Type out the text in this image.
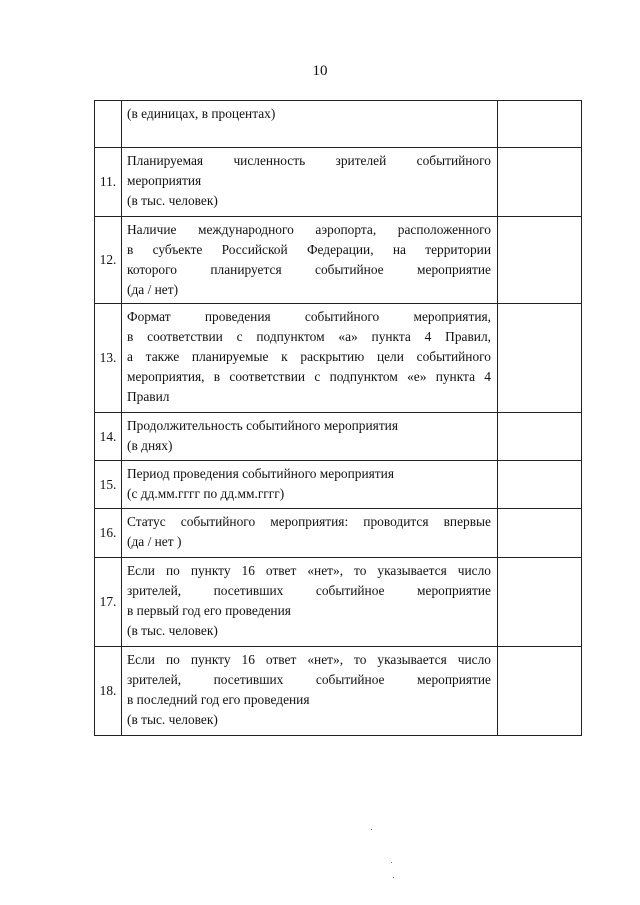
10

	(в единицах, в процентах)	

11.	Планируемая численность зрителей событийного
мероприятия
(в тыс. человек)	

12.	Наличие международного аэропорта, расположенного
в субъекте Российской Федерации, на территории
которого планируется событийное мероприятие
(да / нет)	

13.	Формат проведения событийного мероприятия,
в соответствии с подпунктом «а» пункта 4 Правил,
а также планируемые к раскрытию цели событийного
мероприятия, в соответствии с подпунктом «е» пункта 4
Правил	

14.	Продолжительность событийного мероприятия
(в днях)	

15.	Период проведения событийного мероприятия
(с дд.мм.гггг по дд.мм.гггг)	

16.	Статус событийного мероприятия: проводится впервые
(да / нет )	

17.	Если по пункту 16 ответ «нет», то указывается число
зрителей, посетивших событийное мероприятие
в первый год его проведения
(в тыс. человек)	

18.	Если по пункту 16 ответ «нет», то указывается число
зрителей, посетивших событийное мероприятие
в последний год его проведения
(в тыс. человек)	
